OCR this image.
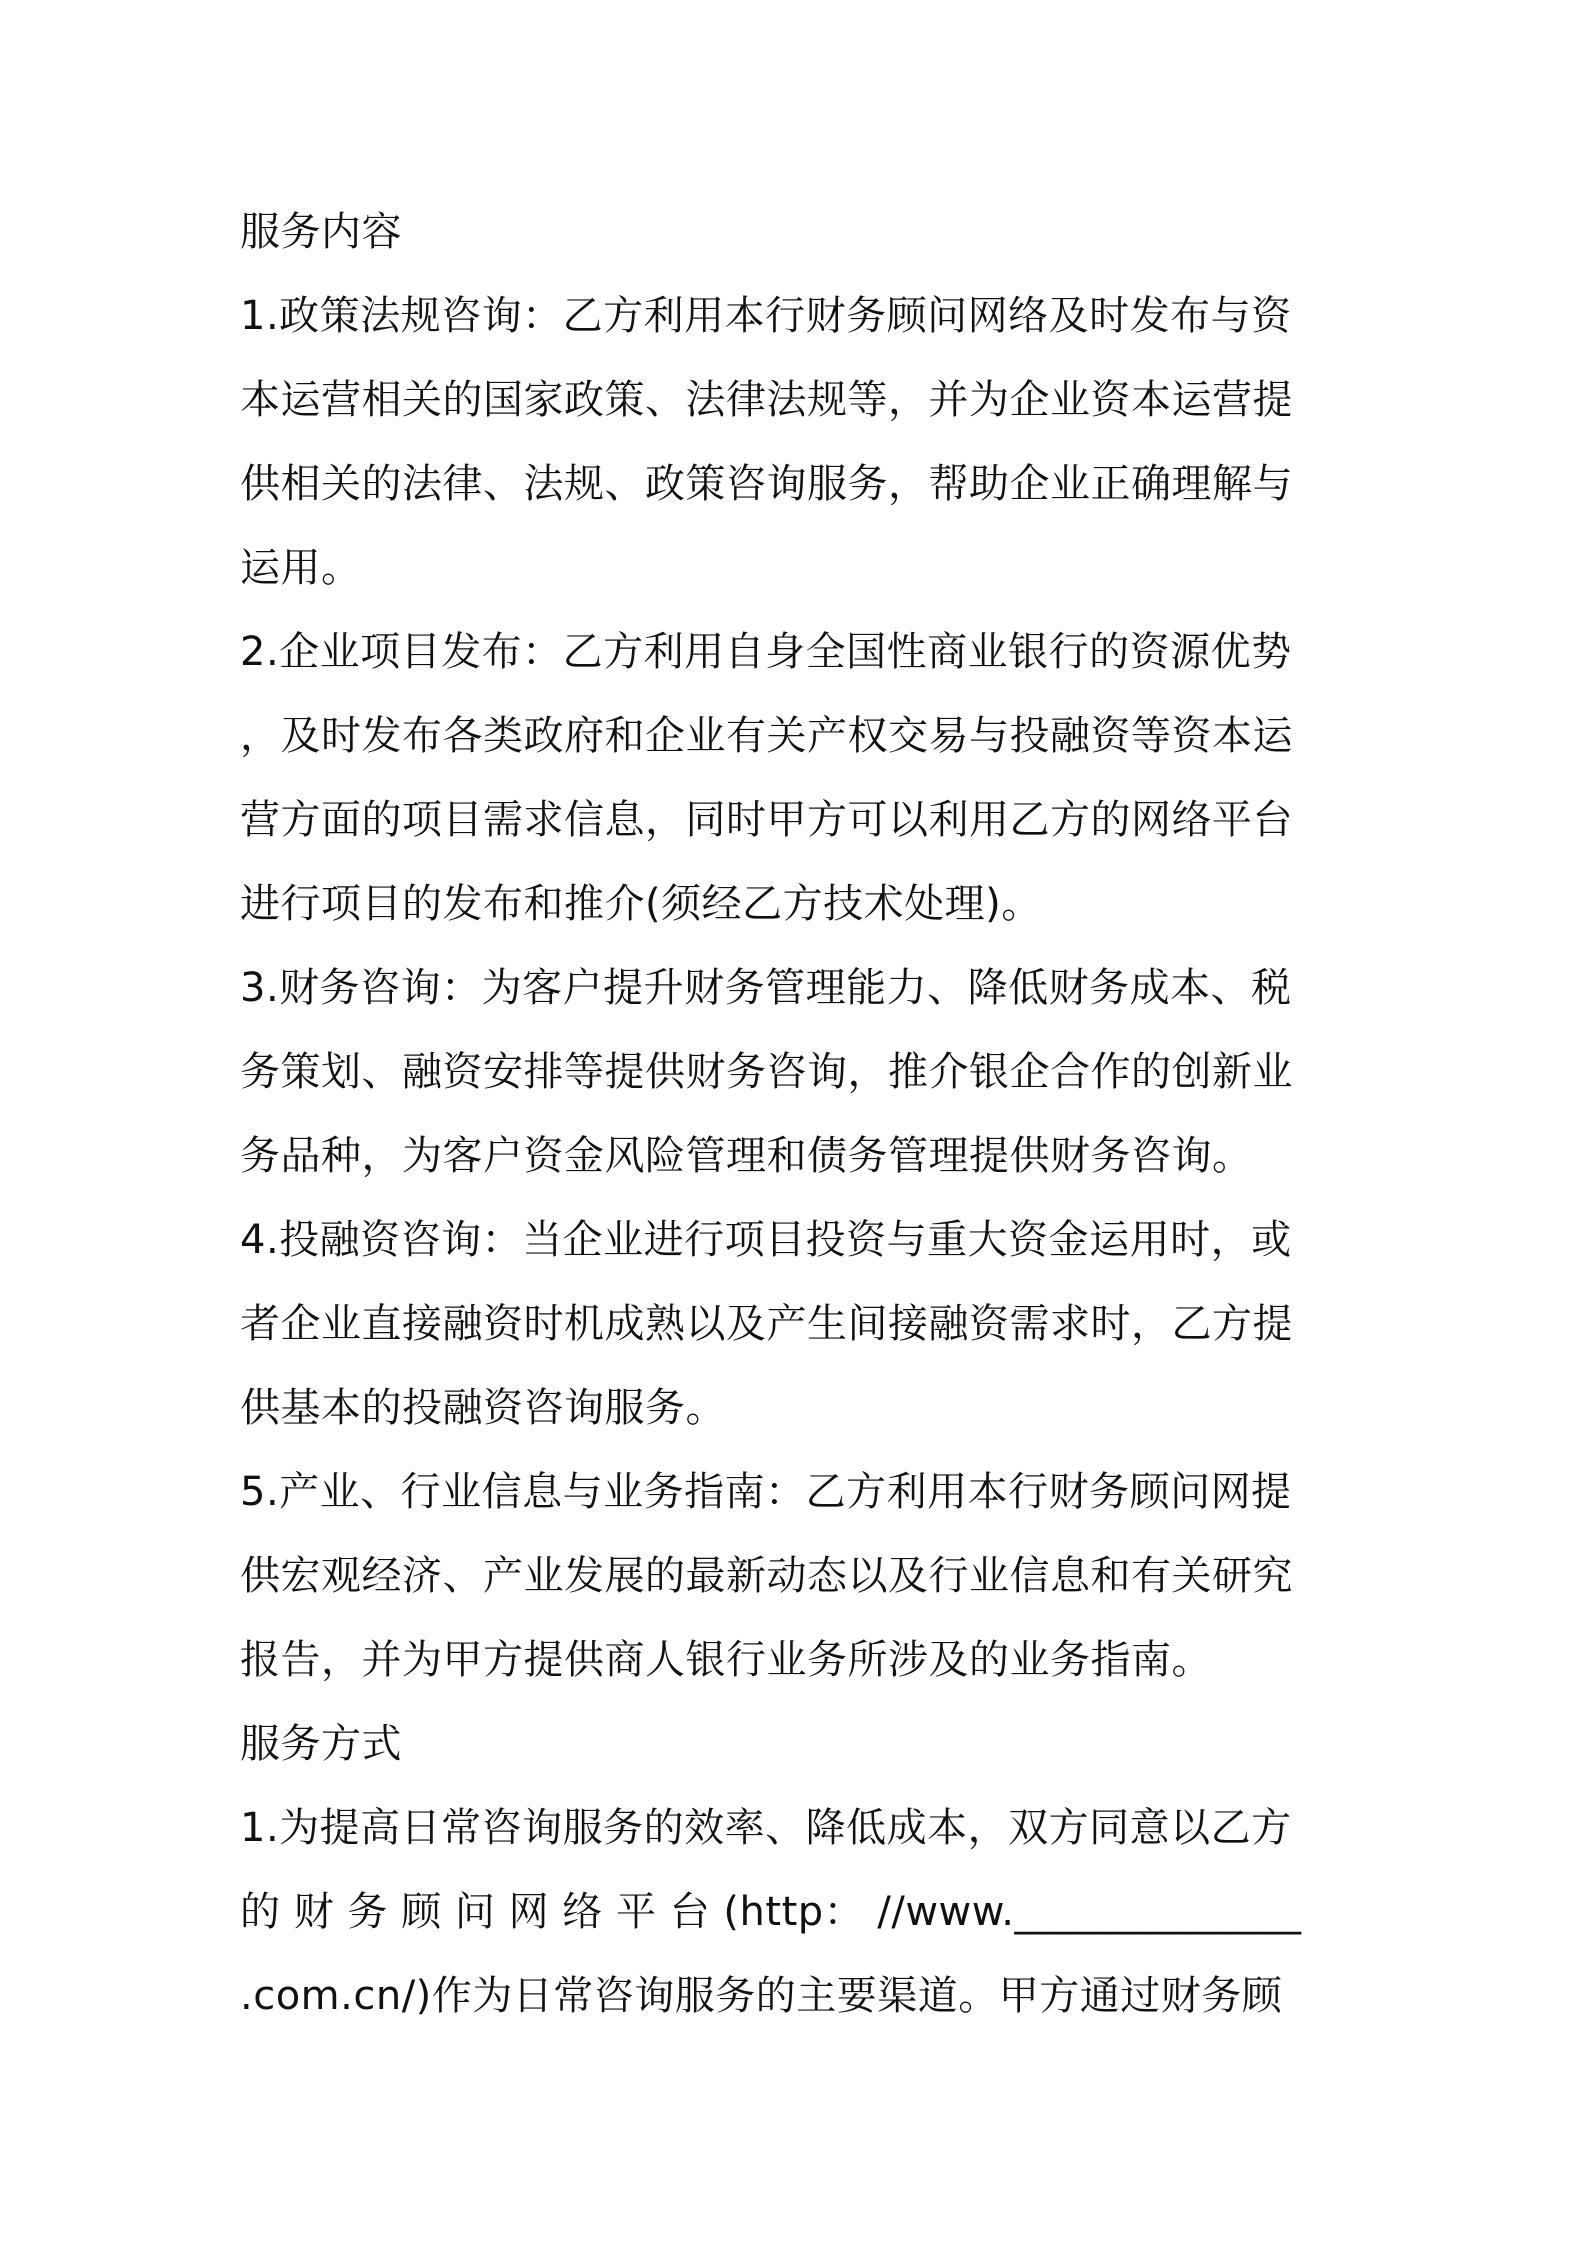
服务内容
1.政策法规咨询：乙方利用本行财务顾问网络及时发布与资
本运营相关的国家政策、法律法规等，并为企业资本运营提
供相关的法律、法规、政策咨询服务，帮助企业正确理解与
运用。
2.企业项目发布：乙方利用自身全国性商业银行的资源优势
，及时发布各类政府和企业有关产权交易与投融资等资本运
营方面的项目需求信息，同时甲方可以利用乙方的网络平台
进行项目的发布和推介(须经乙方技术处理)。
3.财务咨询：为客户提升财务管理能力、降低财务成本、税
务策划、融资安排等提供财务咨询，推介银企合作的创新业
务品种，为客户资金风险管理和债务管理提供财务咨询。
4.投融资咨询：当企业进行项目投资与重大资金运用时，或
者企业直接融资时机成熟以及产生间接融资需求时，乙方提
供基本的投融资咨询服务。
5.产业、行业信息与业务指南：乙方利用本行财务顾问网提
供宏观经济、产业发展的最新动态以及行业信息和有关研究
报告，并为甲方提供商人银行业务所涉及的业务指南。
服务方式
1.为提高日常咨询服务的效率、降低成本，双方同意以乙方
的 财 务 顾 问 网 络 平 台 (http： //www.______________
.com.cn/)作为日常咨询服务的主要渠道。甲方通过财务顾
